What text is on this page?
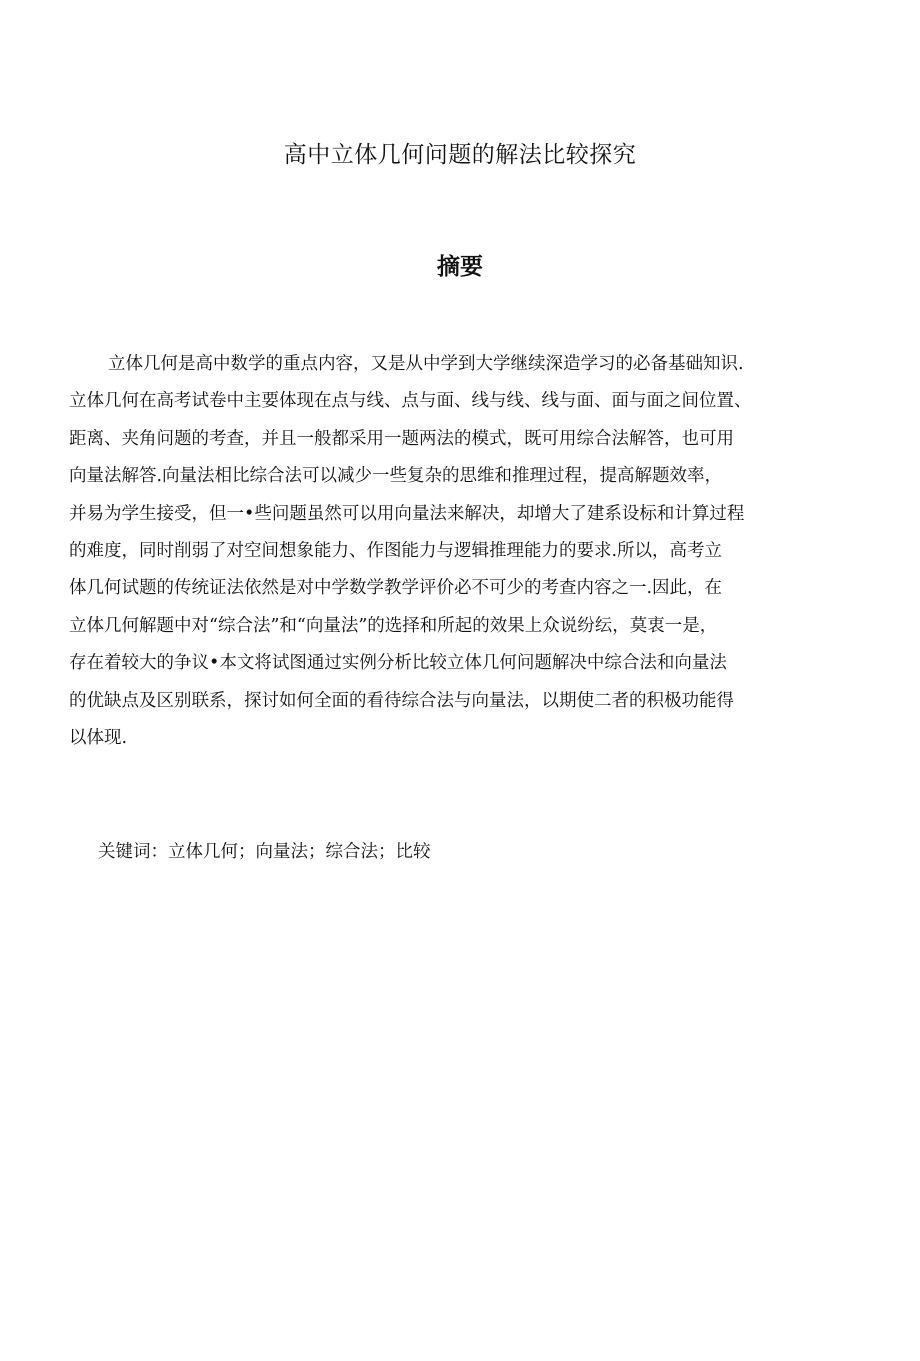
高中立体几何问题的解法比较探究
摘要
立体几何是高中数学的重点内容，又是从中学到大学继续深造学习的必备基础知识.
立体几何在高考试卷中主要体现在点与线、点与面、线与线、线与面、面与面之间位置、
距离、夹角问题的考查，并且一般都采用一题两法的模式，既可用综合法解答，也可用
向量法解答.向量法相比综合法可以减少一些复杂的思维和推理过程，提高解题效率，
并易为学生接受，但一•些问题虽然可以用向量法来解决，却增大了建系设标和计算过程
的难度，同时削弱了对空间想象能力、作图能力与逻辑推理能力的要求.所以，高考立
体几何试题的传统证法依然是对中学数学教学评价必不可少的考查内容之一.因此，在
立体几何解题中对“综合法”和“向量法”的选择和所起的效果上众说纷纭，莫衷一是，
存在着较大的争议•本文将试图通过实例分析比较立体几何问题解决中综合法和向量法
的优缺点及区别联系，探讨如何全面的看待综合法与向量法，以期使二者的积极功能得
以体现.
关键词：立体几何；向量法；综合法；比较
